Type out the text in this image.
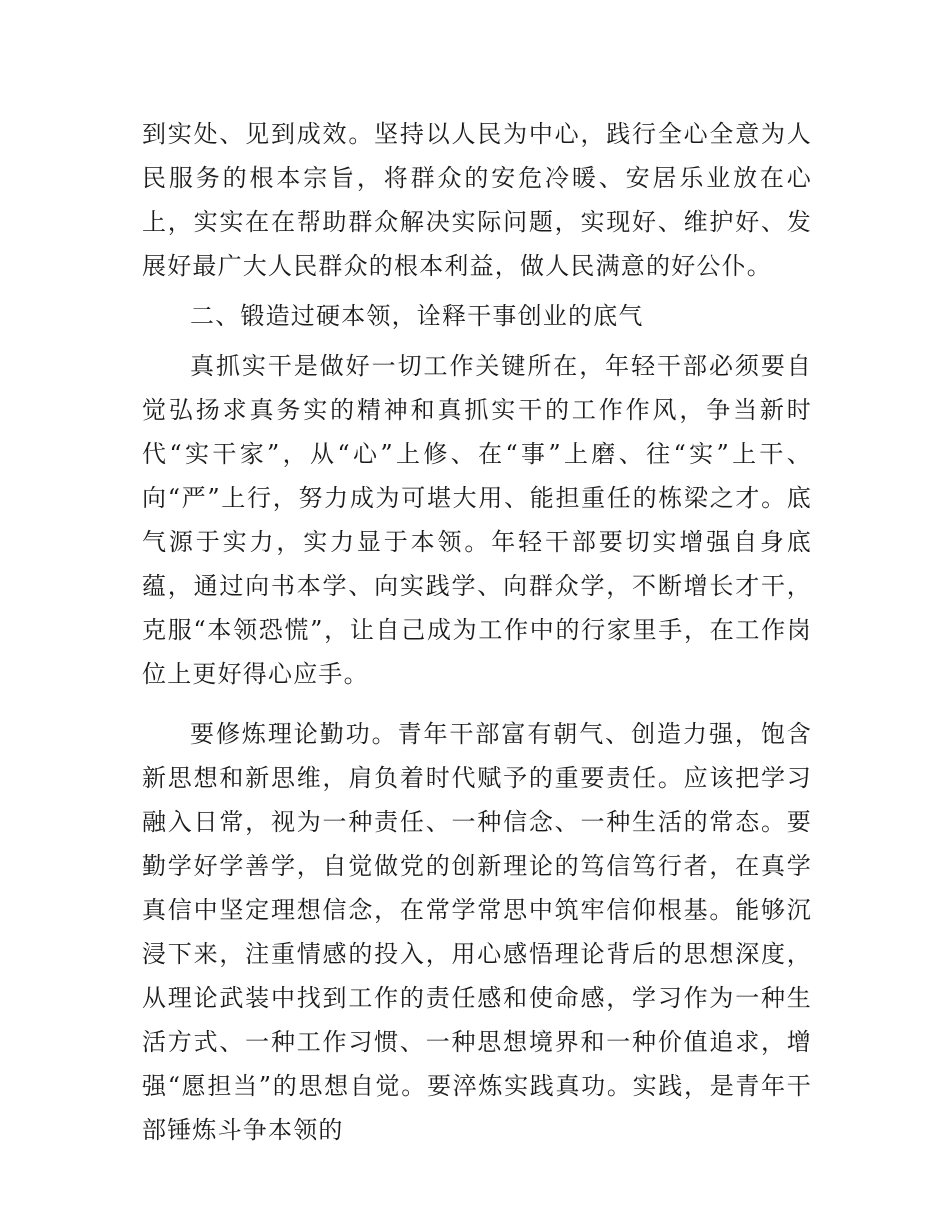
到实处、见到成效。坚持以人民为中心，践行全心全意为人民服务的根本宗旨，将群众的安危冷暖、安居乐业放在心上，实实在在帮助群众解决实际问题，实现好、维护好、发展好最广大人民群众的根本利益，做人民满意的好公仆。

二、锻造过硬本领，诠释干事创业的底气

真抓实干是做好一切工作关键所在，年轻干部必须要自觉弘扬求真务实的精神和真抓实干的工作作风，争当新时代“实干家”，从“心”上修、在“事”上磨、往“实”上干、向“严”上行，努力成为可堪大用、能担重任的栋梁之才。底气源于实力，实力显于本领。年轻干部要切实增强自身底蕴，通过向书本学、向实践学、向群众学，不断增长才干，克服“本领恐慌”，让自己成为工作中的行家里手，在工作岗位上更好得心应手。

要修炼理论勤功。青年干部富有朝气、创造力强，饱含新思想和新思维，肩负着时代赋予的重要责任。应该把学习融入日常，视为一种责任、一种信念、一种生活的常态。要勤学好学善学，自觉做党的创新理论的笃信笃行者，在真学真信中坚定理想信念，在常学常思中筑牢信仰根基。能够沉浸下来，注重情感的投入，用心感悟理论背后的思想深度，从理论武装中找到工作的责任感和使命感，学习作为一种生活方式、一种工作习惯、一种思想境界和一种价值追求，增强“愿担当”的思想自觉。要淬炼实践真功。实践，是青年干部锤炼斗争本领的
